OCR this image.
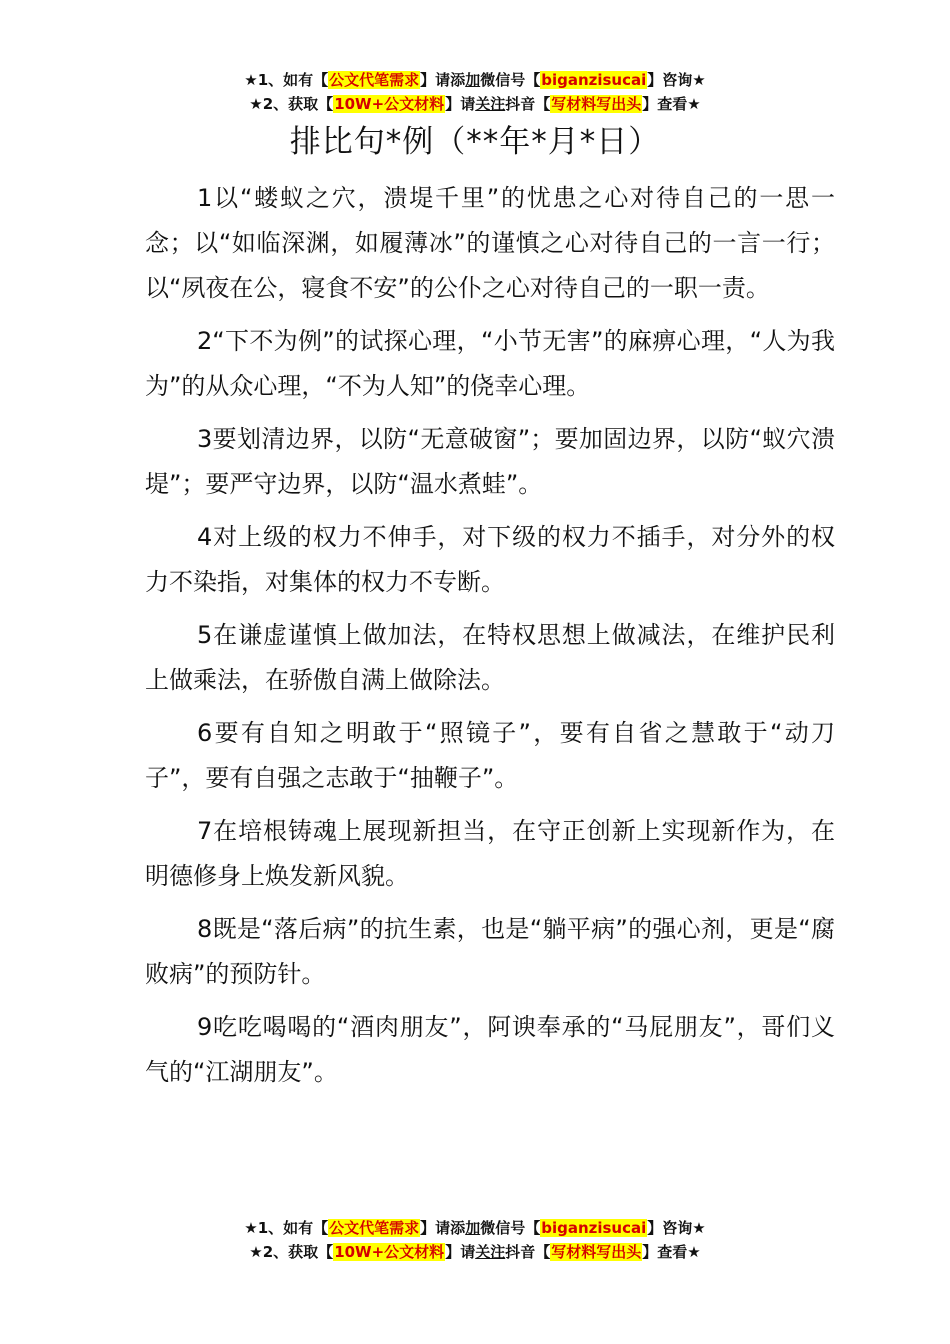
★1、如有【公文代笔需求】请添加微信号【biganzisucai】咨询★
★2、获取【10W+公文材料】请关注抖音【写材料写出头】查看★
排比句*例（**年*月*日）

1以“蝼蚁之穴，溃堤千里”的忧患之心对待自己的一思一念；以“如临深渊，如履薄冰”的谨慎之心对待自己的一言一行；以“夙夜在公，寝食不安”的公仆之心对待自己的一职一责。

2“下不为例”的试探心理，“小节无害”的麻痹心理，“人为我为”的从众心理，“不为人知”的侥幸心理。

3要划清边界，以防“无意破窗”；要加固边界，以防“蚁穴溃堤”；要严守边界，以防“温水煮蛙”。

4对上级的权力不伸手，对下级的权力不插手，对分外的权力不染指，对集体的权力不专断。

5在谦虚谨慎上做加法，在特权思想上做减法，在维护民利上做乘法，在骄傲自满上做除法。

6要有自知之明敢于“照镜子”，要有自省之慧敢于“动刀子”，要有自强之志敢于“抽鞭子”。

7在培根铸魂上展现新担当，在守正创新上实现新作为，在明德修身上焕发新风貌。

8既是“落后病”的抗生素，也是“躺平病”的强心剂，更是“腐败病”的预防针。

9吃吃喝喝的“酒肉朋友”，阿谀奉承的“马屁朋友”，哥们义气的“江湖朋友”。

★1、如有【公文代笔需求】请添加微信号【biganzisucai】咨询★
★2、获取【10W+公文材料】请关注抖音【写材料写出头】查看★
